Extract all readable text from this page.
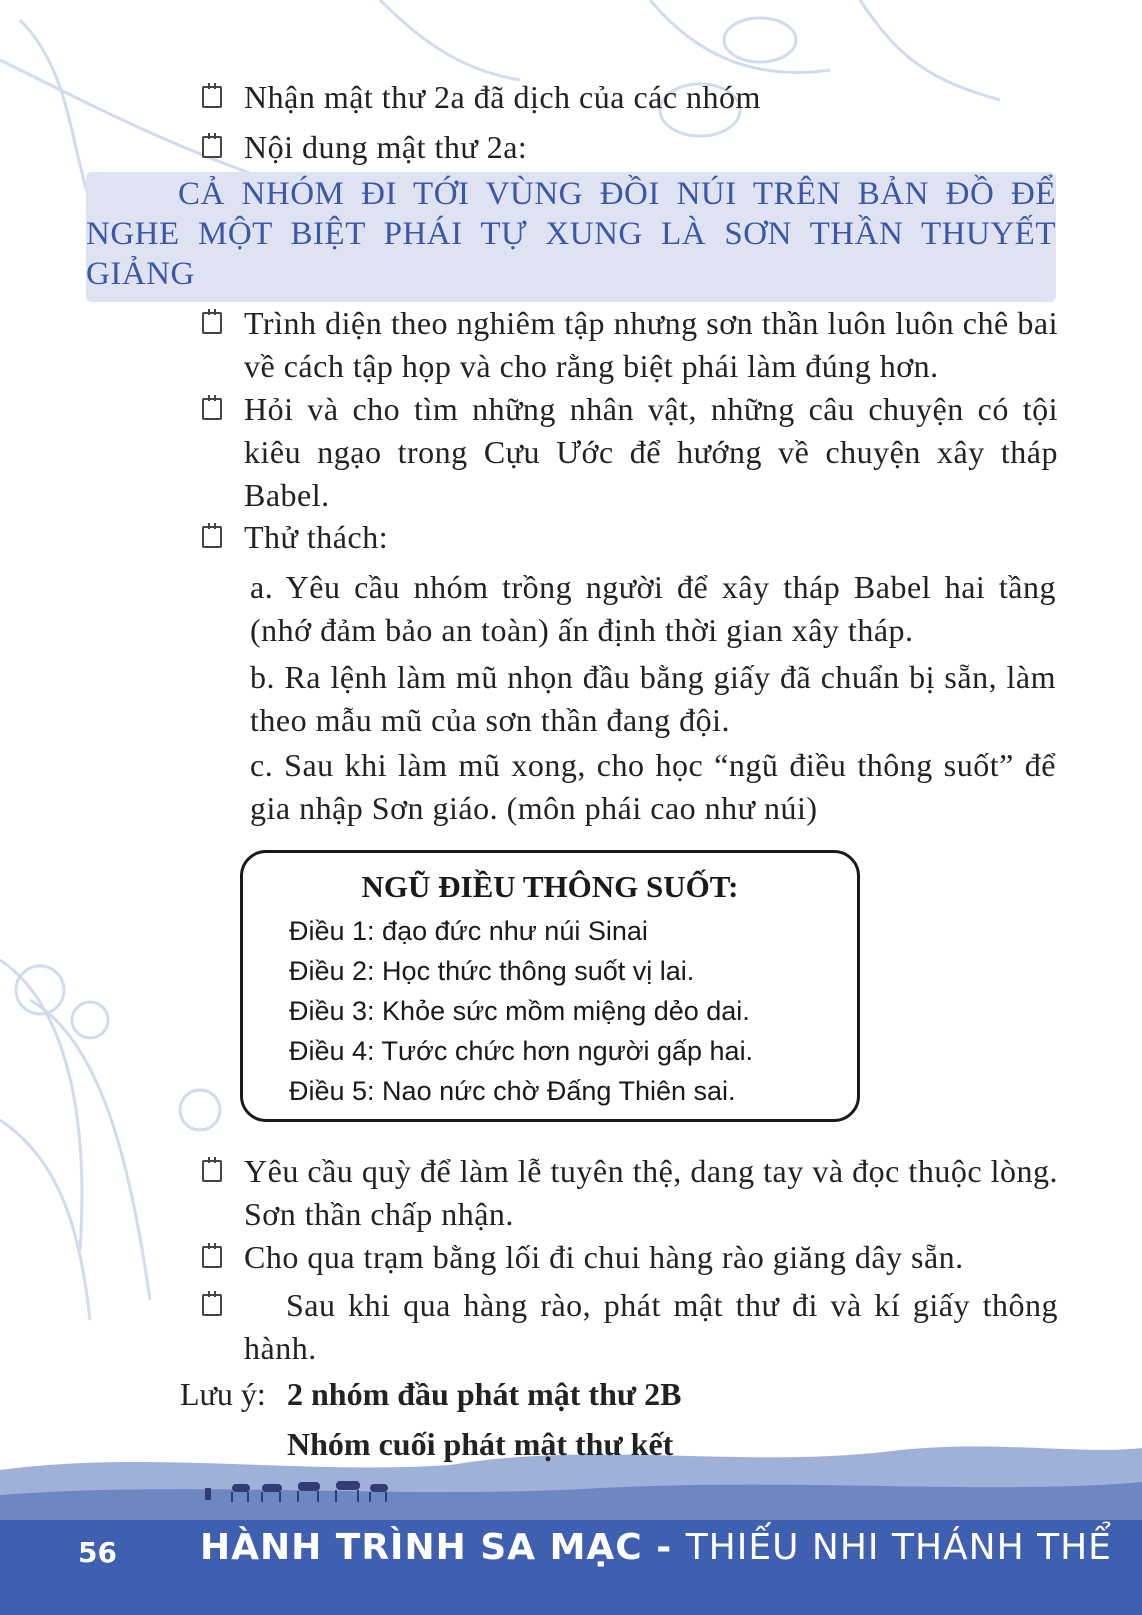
Nhận mật thư 2a đã dịch của các nhóm
Nội dung mật thư 2a:
CẢ NHÓM ĐI TỚI VÙNG ĐỒI NÚI TRÊN BẢN ĐỒ ĐỂ NGHE MỘT BIỆT PHÁI TỰ XUNG LÀ SƠN THẦN THUYẾT GIẢNG
Trình diện theo nghiêm tập nhưng sơn thần luôn luôn chê bai về cách tập họp và cho rằng biệt phái làm đúng hơn.
Hỏi và cho tìm những nhân vật, những câu chuyện có tội kiêu ngạo trong Cựu Ước để hướng về chuyện xây tháp Babel.
Thử thách:
a. Yêu cầu nhóm trồng người để xây tháp Babel hai tầng (nhớ đảm bảo an toàn) ấn định thời gian xây tháp.
b. Ra lệnh làm mũ nhọn đầu bằng giấy đã chuẩn bị sẵn, làm theo mẫu mũ của sơn thần đang đội.
c. Sau khi làm mũ xong, cho học “ngũ điều thông suốt” để gia nhập Sơn giáo. (môn phái cao như núi)
NGŨ ĐIỀU THÔNG SUỐT:
Điều 1: đạo đức như núi Sinai
Điều 2: Học thức thông suốt vị lai.
Điều 3: Khỏe sức mồm miệng dẻo dai.
Điều 4: Tước chức hơn người gấp hai.
Điều 5: Nao nức chờ Đấng Thiên sai.
Yêu cầu quỳ để làm lễ tuyên thệ, dang tay và đọc thuộc lòng. Sơn thần chấp nhận.
Cho qua trạm bằng lối đi chui hàng rào giăng dây sẵn.
Sau khi qua hàng rào, phát mật thư đi và kí giấy thông hành.
Lưu ý: 2 nhóm đầu phát mật thư 2B
Nhóm cuối phát mật thư kết
56 HÀNH TRÌNH SA MẠC - THIẾU NHI THÁNH THỂ
